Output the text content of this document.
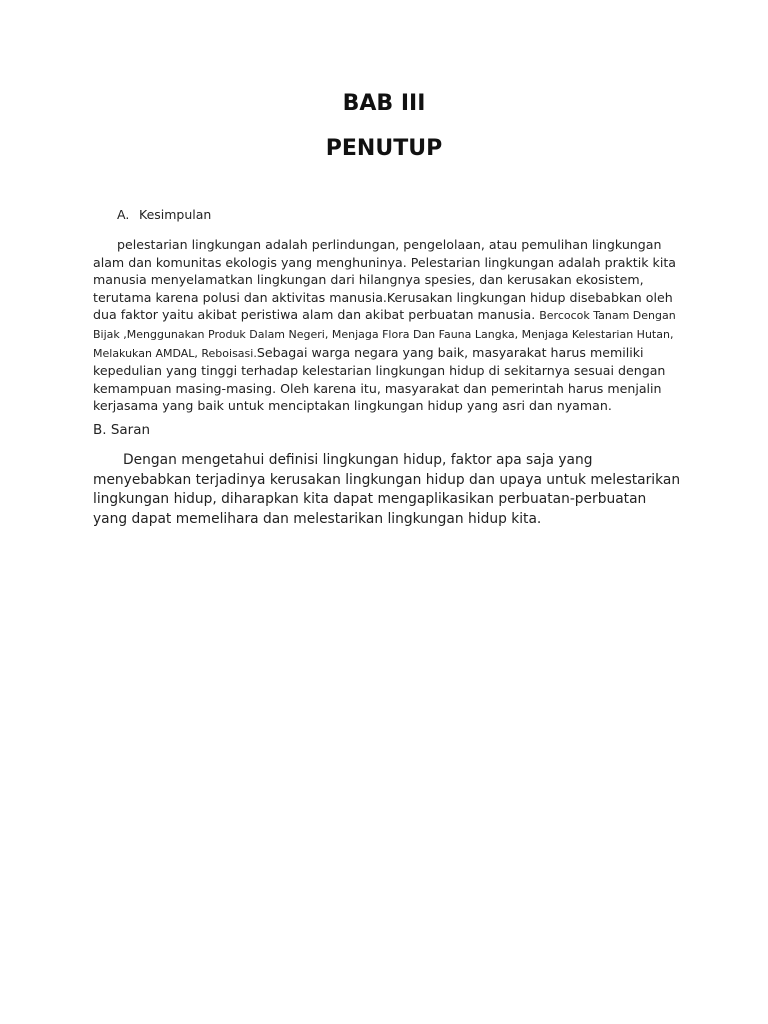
BAB III
PENUTUP

A. Kesimpulan

pelestarian lingkungan adalah perlindungan, pengelolaan, atau pemulihan lingkungan alam dan komunitas ekologis yang menghuninya. Pelestarian lingkungan adalah praktik kita manusia menyelamatkan lingkungan dari hilangnya spesies, dan kerusakan ekosistem, terutama karena polusi dan aktivitas manusia.Kerusakan lingkungan hidup disebabkan oleh dua faktor yaitu akibat peristiwa alam dan akibat perbuatan manusia. Bercocok Tanam Dengan Bijak ,Menggunakan Produk Dalam Negeri, Menjaga Flora Dan Fauna Langka, Menjaga Kelestarian Hutan, Melakukan AMDAL, Reboisasi.Sebagai warga negara yang baik, masyarakat harus memiliki kepedulian yang tinggi terhadap kelestarian lingkungan hidup di sekitarnya sesuai dengan kemampuan masing-masing. Oleh karena itu, masyarakat dan pemerintah harus menjalin kerjasama yang baik untuk menciptakan lingkungan hidup yang asri dan nyaman.

B. Saran

Dengan mengetahui definisi lingkungan hidup, faktor apa saja yang menyebabkan terjadinya kerusakan lingkungan hidup dan upaya untuk melestarikan lingkungan hidup, diharapkan kita dapat mengaplikasikan perbuatan-perbuatan yang dapat memelihara dan melestarikan lingkungan hidup kita.
